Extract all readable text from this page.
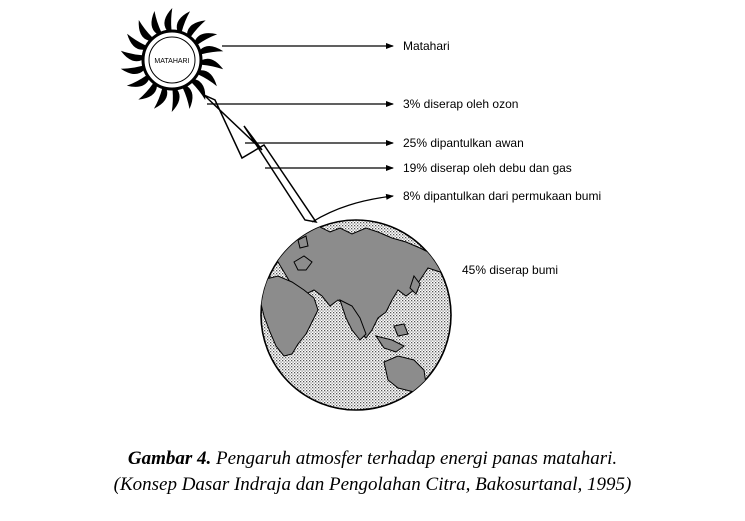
MATAHARI
Matahari
3% diserap oleh ozon
25% dipantulkan awan
19% diserap oleh debu dan gas
8% dipantulkan dari permukaan bumi
45% diserap bumi
Gambar 4. Pengaruh atmosfer terhadap energi panas matahari.
(Konsep Dasar Indraja dan Pengolahan Citra, Bakosurtanal, 1995)
